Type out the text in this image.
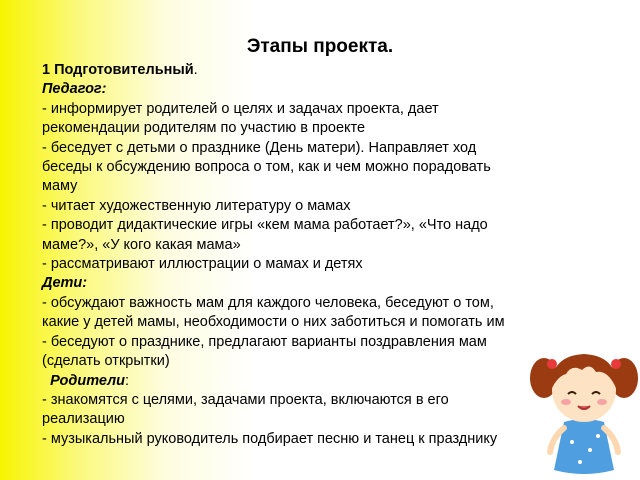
Этапы проекта.
1 Подготовительный.
Педагог:
- информирует родителей о целях и задачах проекта, дает
рекомендации родителям по участию в проекте
- беседует с детьми о празднике (День матери). Направляет ход
беседы к обсуждению вопроса о том, как и чем можно порадовать
маму
- читает художественную литературу о мамах
- проводит дидактические игры «кем мама работает?», «Что надо
маме?», «У кого какая мама»
- рассматривают иллюстрации о мамах и детях
Дети:
- обсуждают важность мам для каждого человека, беседуют о том,
какие у детей мамы, необходимости о них заботиться и помогать им
- беседуют о празднике, предлагают варианты поздравления мам
(сделать открытки)
Родители:
- знакомятся с целями, задачами проекта, включаются в его
реализацию
- музыкальный руководитель подбирает песню и танец к празднику
